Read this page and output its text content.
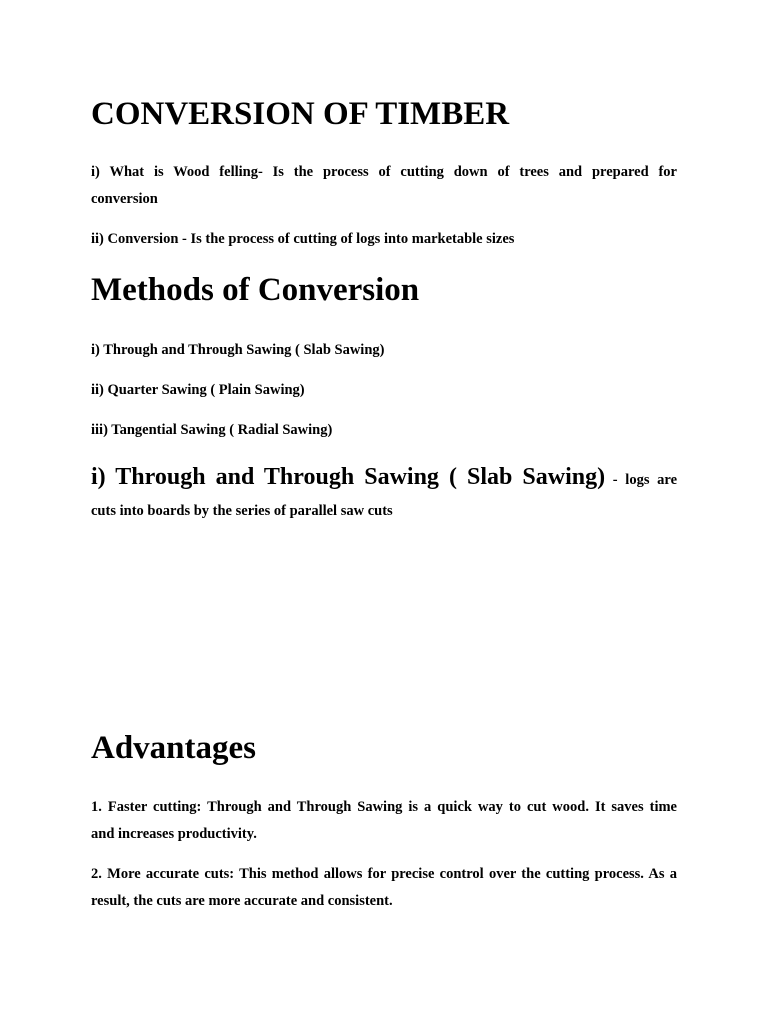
CONVERSION OF TIMBER
i) What is Wood felling- Is the process of cutting down of trees and prepared for
conversion

ii) Conversion - Is the process of cutting of logs into marketable sizes

Methods of Conversion

i) Through and Through Sawing ( Slab Sawing)

ii) Quarter Sawing ( Plain Sawing)

iii) Tangential Sawing ( Radial Sawing)

i) Through and Through Sawing ( Slab Sawing) - logs are
cuts into boards by the series of parallel saw cuts
Advantages
1. Faster cutting: Through and Through Sawing is a quick way to cut wood. It saves time
and increases productivity.
2. More accurate cuts: This method allows for precise control over the cutting process. As a
result, the cuts are more accurate and consistent.
